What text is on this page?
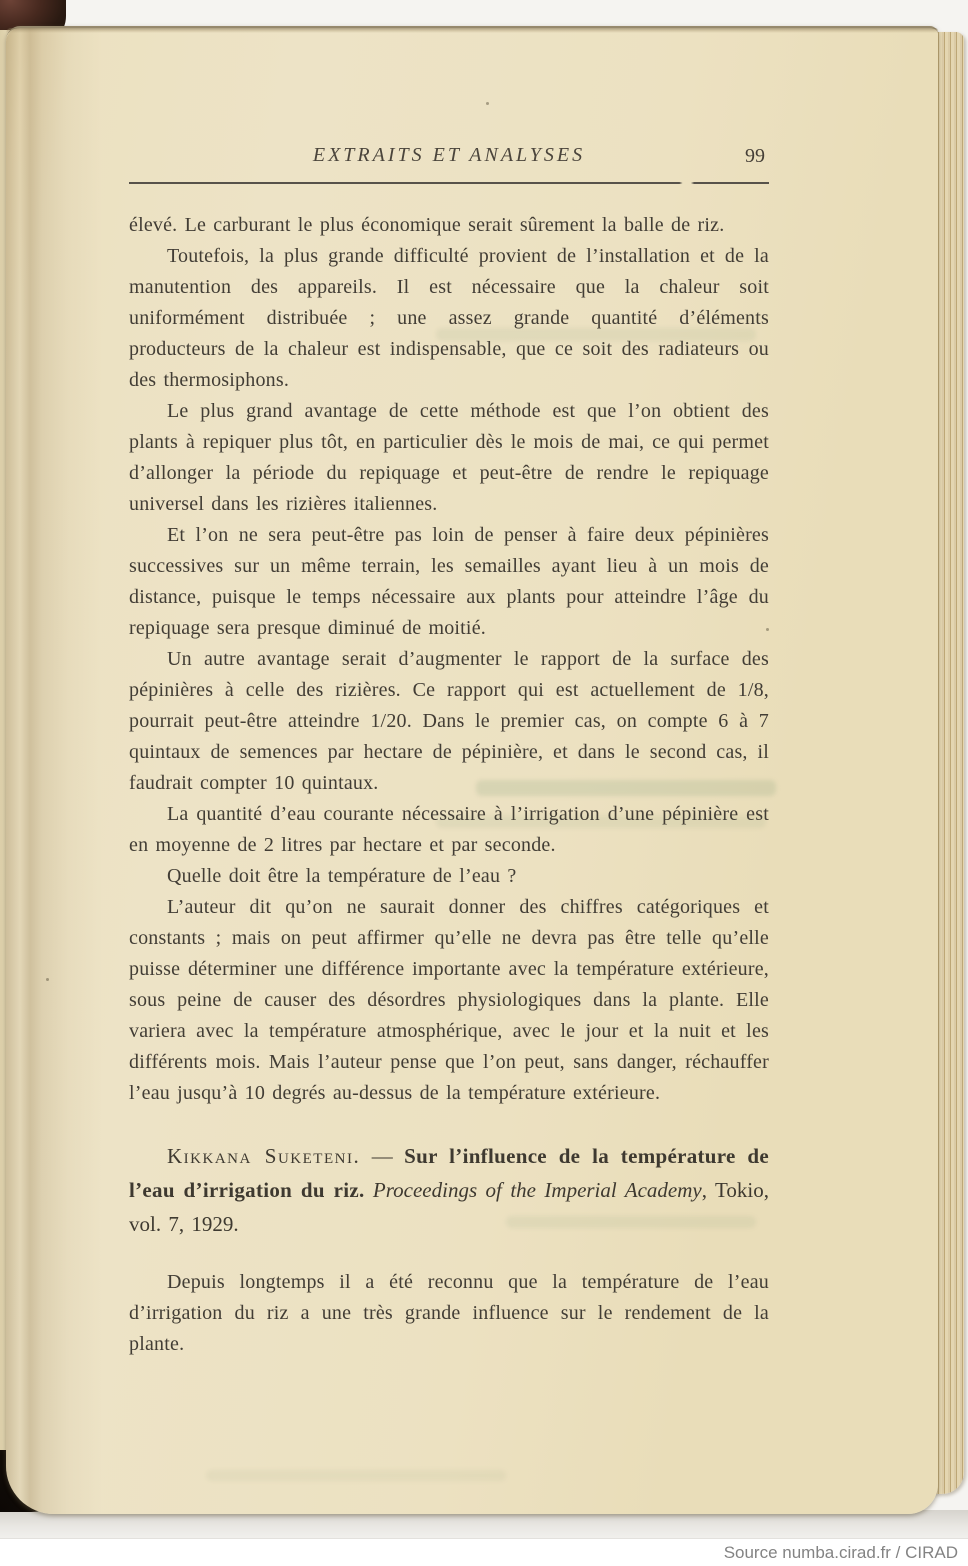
EXTRAITS ET ANALYSES	99

élevé. Le carburant le plus économique serait sûrement la balle de riz.

Toutefois, la plus grande difficulté provient de l’installation et de la manutention des appareils. Il est nécessaire que la chaleur soit uniformément distribuée ; une assez grande quantité d’éléments producteurs de la chaleur est indispensable, que ce soit des radiateurs ou des thermosiphons.

Le plus grand avantage de cette méthode est que l’on obtient des plants à repiquer plus tôt, en particulier dès le mois de mai, ce qui permet d’allonger la période du repiquage et peut-être de rendre le repiquage universel dans les rizières italiennes.

Et l’on ne sera peut-être pas loin de penser à faire deux pépinières successives sur un même terrain, les semailles ayant lieu à un mois de distance, puisque le temps nécessaire aux plants pour atteindre l’âge du repiquage sera presque diminué de moitié.

Un autre avantage serait d’augmenter le rapport de la surface des pépinières à celle des rizières. Ce rapport qui est actuellement de 1/8, pourrait peut-être atteindre 1/20. Dans le premier cas, on compte 6 à 7 quintaux de semences par hectare de pépinière, et dans le second cas, il faudrait compter 10 quintaux.

La quantité d’eau courante nécessaire à l’irrigation d’une pépinière est en moyenne de 2 litres par hectare et par seconde.

Quelle doit être la température de l’eau ?

L’auteur dit qu’on ne saurait donner des chiffres catégoriques et constants ; mais on peut affirmer qu’elle ne devra pas être telle qu’elle puisse déterminer une différence importante avec la température extérieure, sous peine de causer des désordres physiologiques dans la plante. Elle variera avec la température atmosphérique, avec le jour et la nuit et les différents mois. Mais l’auteur pense que l’on peut, sans danger, réchauffer l’eau jusqu’à 10 degrés au-dessus de la température extérieure.

Kikkana Suketeni. — Sur l’influence de la température de l’eau d’irrigation du riz. Proceedings of the Imperial Academy, Tokio, vol. 7, 1929.

Depuis longtemps il a été reconnu que la température de l’eau d’irrigation du riz a une très grande influence sur le rendement de la plante.

Source numba.cirad.fr / CIRAD
